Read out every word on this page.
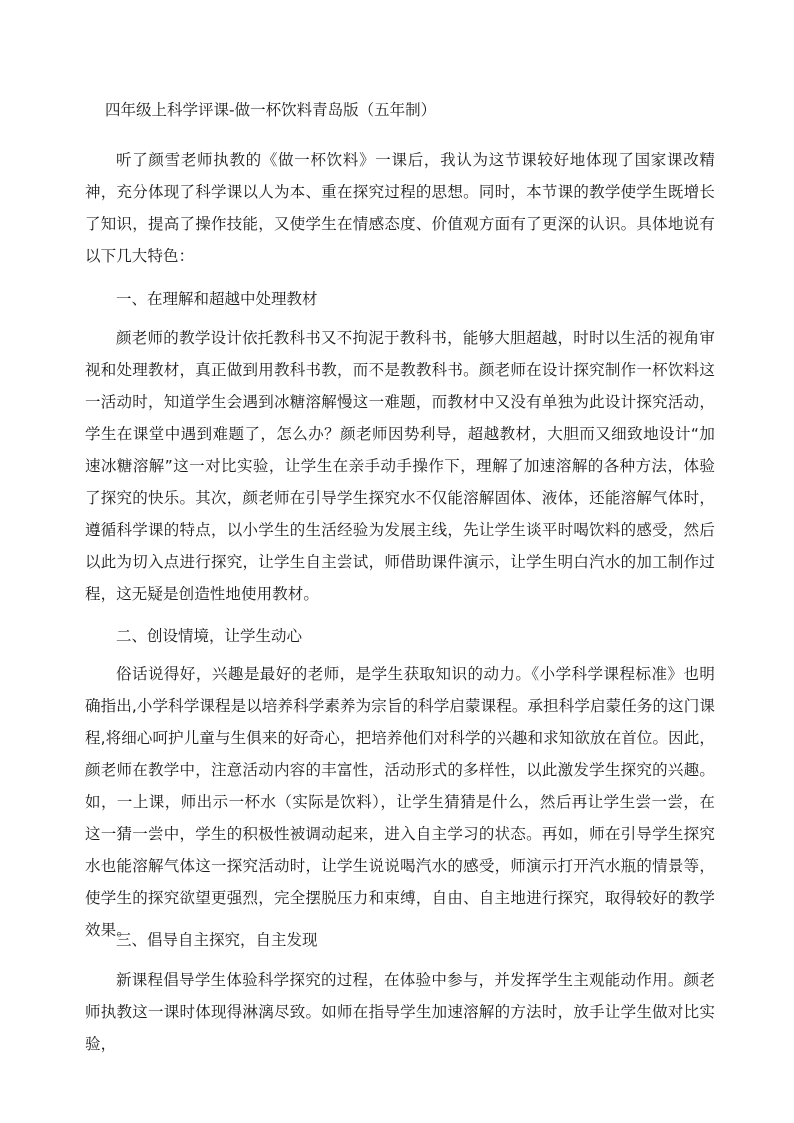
四年级上科学评课-做一杯饮料青岛版（五年制）

听了颜雪老师执教的《做一杯饮料》一课后，我认为这节课较好地体现了国家课改精神，充分体现了科学课以人为本、重在探究过程的思想。同时，本节课的教学使学生既增长了知识，提高了操作技能，又使学生在情感态度、价值观方面有了更深的认识。具体地说有以下几大特色：

一、在理解和超越中处理教材

颜老师的教学设计依托教科书又不拘泥于教科书，能够大胆超越，时时以生活的视角审视和处理教材，真正做到用教科书教，而不是教教科书。颜老师在设计探究制作一杯饮料这一活动时，知道学生会遇到冰糖溶解慢这一难题，而教材中又没有单独为此设计探究活动，学生在课堂中遇到难题了，怎么办？颜老师因势利导，超越教材，大胆而又细致地设计“加速冰糖溶解”这一对比实验，让学生在亲手动手操作下，理解了加速溶解的各种方法，体验了探究的快乐。其次，颜老师在引导学生探究水不仅能溶解固体、液体，还能溶解气体时，遵循科学课的特点，以小学生的生活经验为发展主线，先让学生谈平时喝饮料的感受，然后以此为切入点进行探究，让学生自主尝试，师借助课件演示，让学生明白汽水的加工制作过程，这无疑是创造性地使用教材。

二、创设情境，让学生动心

俗话说得好，兴趣是最好的老师，是学生获取知识的动力。《小学科学课程标准》也明确指出,小学科学课程是以培养科学素养为宗旨的科学启蒙课程。承担科学启蒙任务的这门课程,将细心呵护儿童与生俱来的好奇心，把培养他们对科学的兴趣和求知欲放在首位。因此，颜老师在教学中，注意活动内容的丰富性，活动形式的多样性，以此激发学生探究的兴趣。如，一上课，师出示一杯水（实际是饮料），让学生猜猜是什么，然后再让学生尝一尝，在这一猜一尝中，学生的积极性被调动起来，进入自主学习的状态。再如，师在引导学生探究水也能溶解气体这一探究活动时，让学生说说喝汽水的感受，师演示打开汽水瓶的情景等，使学生的探究欲望更强烈，完全摆脱压力和束缚，自由、自主地进行探究，取得较好的教学效果。

三、倡导自主探究，自主发现

新课程倡导学生体验科学探究的过程，在体验中参与，并发挥学生主观能动作用。颜老师执教这一课时体现得淋漓尽致。如师在指导学生加速溶解的方法时，放手让学生做对比实验，
